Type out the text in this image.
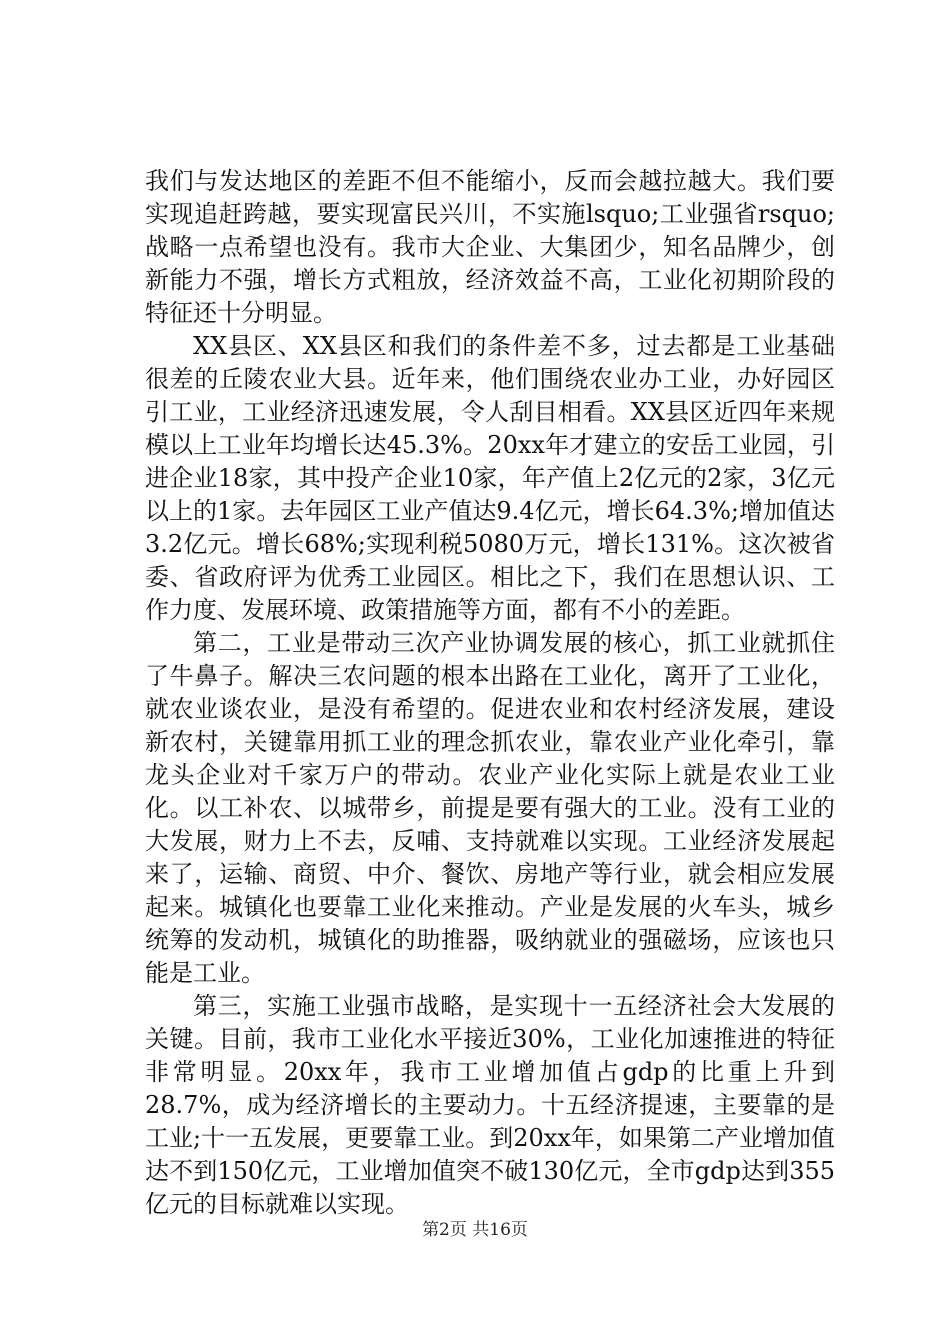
我们与发达地区的差距不但不能缩小，反而会越拉越大。我们要实现追赶跨越，要实现富民兴川，不实施lsquo;工业强省rsquo;战略一点希望也没有。我市大企业、大集团少，知名品牌少，创新能力不强，增长方式粗放，经济效益不高，工业化初期阶段的特征还十分明显。

XX县区、XX县区和我们的条件差不多，过去都是工业基础很差的丘陵农业大县。近年来，他们围绕农业办工业，办好园区引工业，工业经济迅速发展，令人刮目相看。XX县区近四年来规模以上工业年均增长达45.3%。20xx年才建立的安岳工业园，引进企业18家，其中投产企业10家，年产值上2亿元的2家，3亿元以上的1家。去年园区工业产值达9.4亿元，增长64.3%;增加值达3.2亿元。增长68%;实现利税5080万元，增长131%。这次被省委、省政府评为优秀工业园区。相比之下，我们在思想认识、工作力度、发展环境、政策措施等方面，都有不小的差距。

第二，工业是带动三次产业协调发展的核心，抓工业就抓住了牛鼻子。解决三农问题的根本出路在工业化，离开了工业化，就农业谈农业，是没有希望的。促进农业和农村经济发展，建设新农村，关键靠用抓工业的理念抓农业，靠农业产业化牵引，靠龙头企业对千家万户的带动。农业产业化实际上就是农业工业化。以工补农、以城带乡，前提是要有强大的工业。没有工业的大发展，财力上不去，反哺、支持就难以实现。工业经济发展起来了，运输、商贸、中介、餐饮、房地产等行业，就会相应发展起来。城镇化也要靠工业化来推动。产业是发展的火车头，城乡统筹的发动机，城镇化的助推器，吸纳就业的强磁场，应该也只能是工业。

第三，实施工业强市战略，是实现十一五经济社会大发展的关键。目前，我市工业化水平接近30%，工业化加速推进的特征非常明显。20xx年，我市工业增加值占gdp的比重上升到28.7%，成为经济增长的主要动力。十五经济提速，主要靠的是工业;十一五发展，更要靠工业。到20xx年，如果第二产业增加值达不到150亿元，工业增加值突不破130亿元，全市gdp达到355亿元的目标就难以实现。

第2页 共16页
